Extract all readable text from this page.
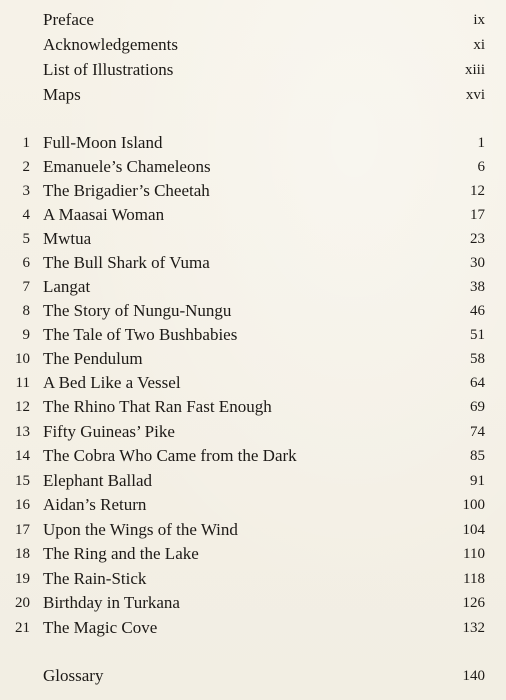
Preface	ix
Acknowledgements	xi
List of Illustrations	xiii
Maps	xvi
1 Full-Moon Island	1
2 Emanuele’s Chameleons	6
3 The Brigadier’s Cheetah	12
4 A Maasai Woman	17
5 Mwtua	23
6 The Bull Shark of Vuma	30
7 Langat	38
8 The Story of Nungu-Nungu	46
9 The Tale of Two Bushbabies	51
10 The Pendulum	58
11 A Bed Like a Vessel	64
12 The Rhino That Ran Fast Enough	69
13 Fifty Guineas’ Pike	74
14 The Cobra Who Came from the Dark	85
15 Elephant Ballad	91
16 Aidan’s Return	100
17 Upon the Wings of the Wind	104
18 The Ring and the Lake	110
19 The Rain-Stick	118
20 Birthday in Turkana	126
21 The Magic Cove	132
Glossary	140
